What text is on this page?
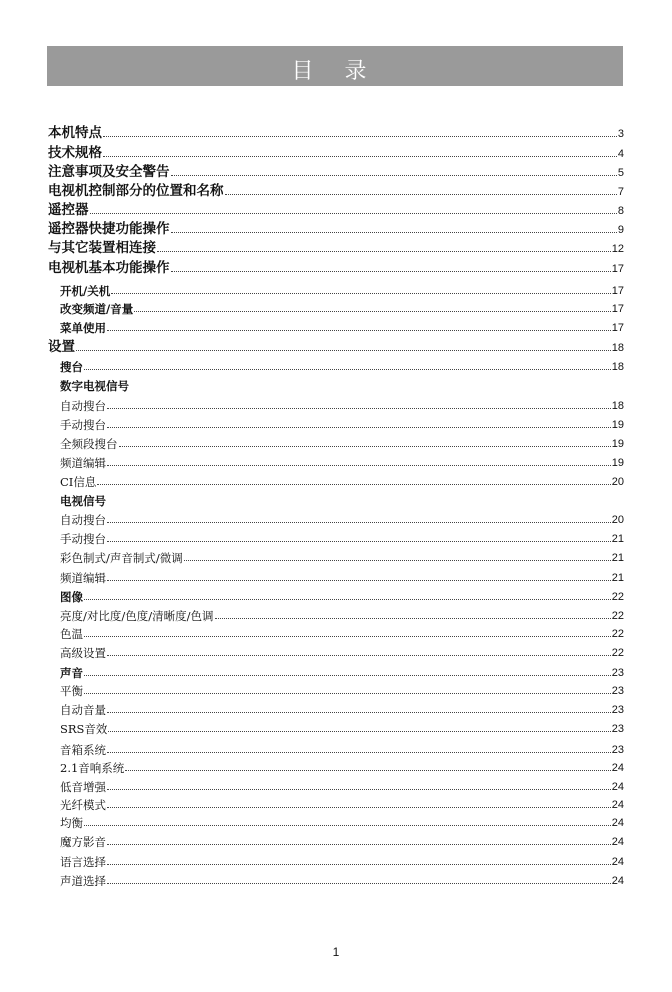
目 录
本机特点	3
技术规格	4
注意事项及安全警告	5
电视机控制部分的位置和名称	7
遥控器	8
遥控器快捷功能操作	9
与其它装置相连接	12
电视机基本功能操作	17
开机/关机	17
改变频道/音量	17
菜单使用	17
设置	18
搜台	18
数字电视信号
自动搜台	18
手动搜台	19
全频段搜台	19
频道编辑	19
CI信息	20
电视信号
自动搜台	20
手动搜台	21
彩色制式/声音制式/微调	21
频道编辑	21
图像	22
亮度/对比度/色度/清晰度/色调	22
色温	22
高级设置	22
声音	23
平衡	23
自动音量	23
SRS音效	23
音箱系统	23
2.1音响系统	24
低音增强	24
光纤模式	24
均衡	24
魔方影音	24
语言选择	24
声道选择	24
1
